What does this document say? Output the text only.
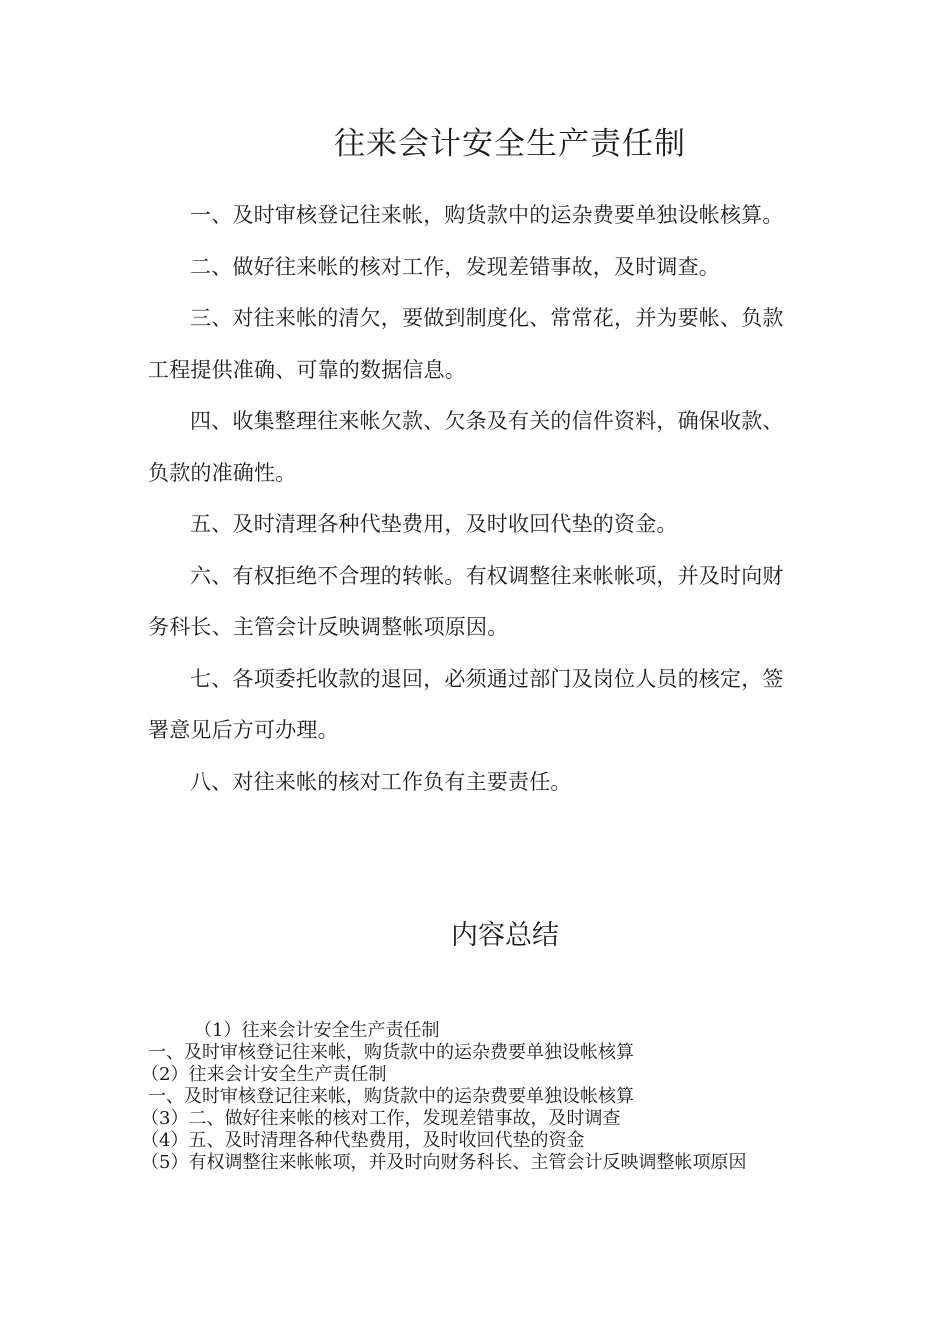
往来会计安全生产责任制

一、及时审核登记往来帐，购货款中的运杂费要单独设帐核算。

二、做好往来帐的核对工作，发现差错事故，及时调查。

三、对往来帐的清欠，要做到制度化、常常花，并为要帐、负款工程提供准确、可靠的数据信息。

四、收集整理往来帐欠款、欠条及有关的信件资料，确保收款、负款的准确性。

五、及时清理各种代垫费用，及时收回代垫的资金。

六、有权拒绝不合理的转帐。有权调整往来帐帐项，并及时向财务科长、主管会计反映调整帐项原因。

七、各项委托收款的退回，必须通过部门及岗位人员的核定，签署意见后方可办理。

八、对往来帐的核对工作负有主要责任。

内容总结
（1）往来会计安全生产责任制
一、及时审核登记往来帐，购货款中的运杂费要单独设帐核算
（2）往来会计安全生产责任制
一、及时审核登记往来帐，购货款中的运杂费要单独设帐核算
（3）二、做好往来帐的核对工作，发现差错事故，及时调查
（4）五、及时清理各种代垫费用，及时收回代垫的资金
（5）有权调整往来帐帐项，并及时向财务科长、主管会计反映调整帐项原因
